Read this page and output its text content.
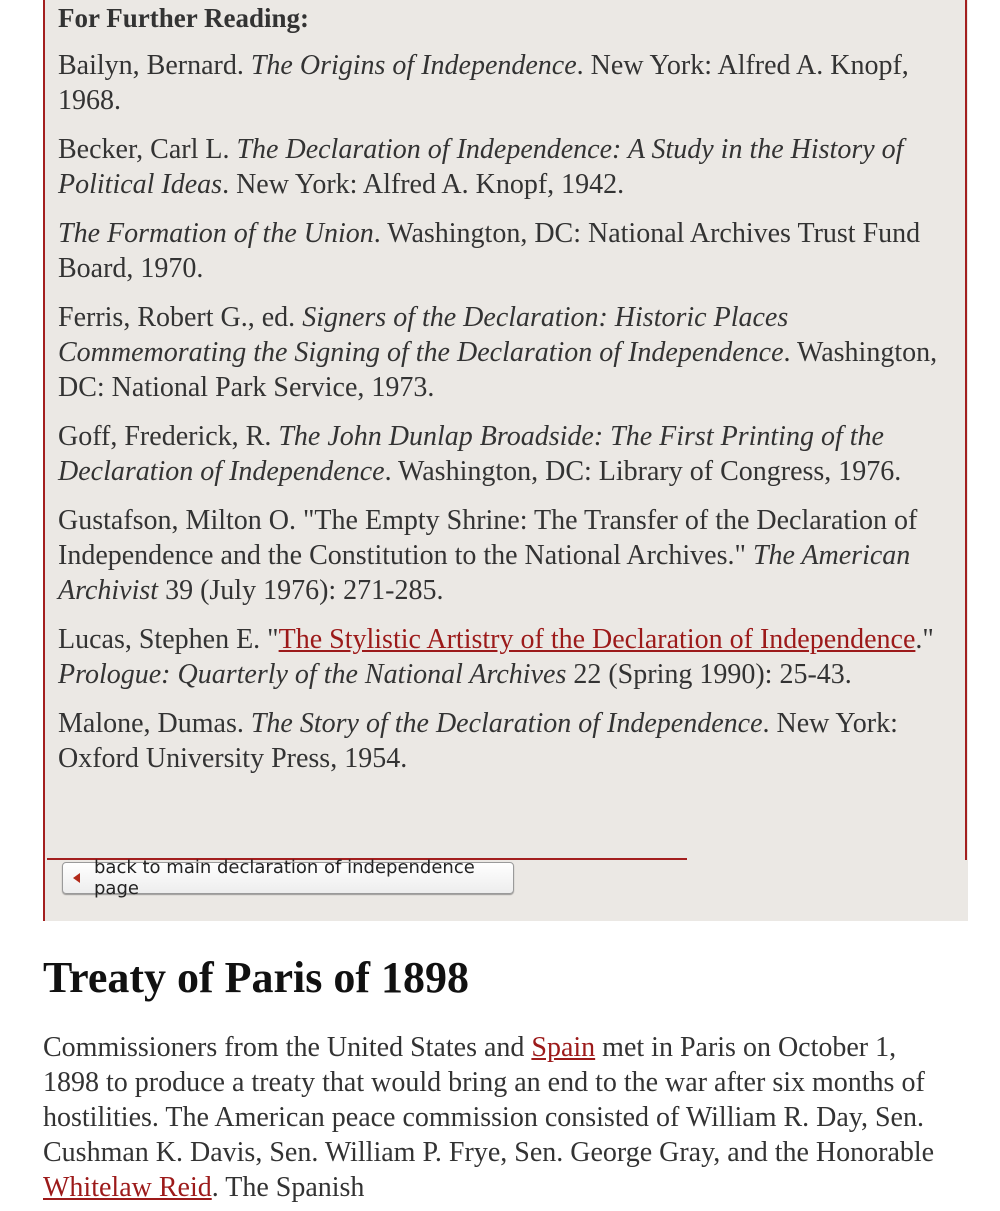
For Further Reading:

Bailyn, Bernard. The Origins of Independence. New York: Alfred A. Knopf, 1968.

Becker, Carl L. The Declaration of Independence: A Study in the History of Political Ideas. New York: Alfred A. Knopf, 1942.

The Formation of the Union. Washington, DC: National Archives Trust Fund Board, 1970.

Ferris, Robert G., ed. Signers of the Declaration: Historic Places Commemorating the Signing of the Declaration of Independence. Washington, DC: National Park Service, 1973.

Goff, Frederick, R. The John Dunlap Broadside: The First Printing of the Declaration of Independence. Washington, DC: Library of Congress, 1976.

Gustafson, Milton O. "The Empty Shrine: The Transfer of the Declaration of Independence and the Constitution to the National Archives." The American Archivist 39 (July 1976): 271-285.

Lucas, Stephen E. "The Stylistic Artistry of the Declaration of Independence." Prologue: Quarterly of the National Archives 22 (Spring 1990): 25-43.

Malone, Dumas. The Story of the Declaration of Independence. New York: Oxford University Press, 1954.

back to main declaration of independence page
Treaty of Paris of 1898

Commissioners from the United States and Spain met in Paris on October 1, 1898 to produce a treaty that would bring an end to the war after six months of hostilities. The American peace commission consisted of William R. Day, Sen. Cushman K. Davis, Sen. William P. Frye, Sen. George Gray, and the Honorable Whitelaw Reid. The Spanish
